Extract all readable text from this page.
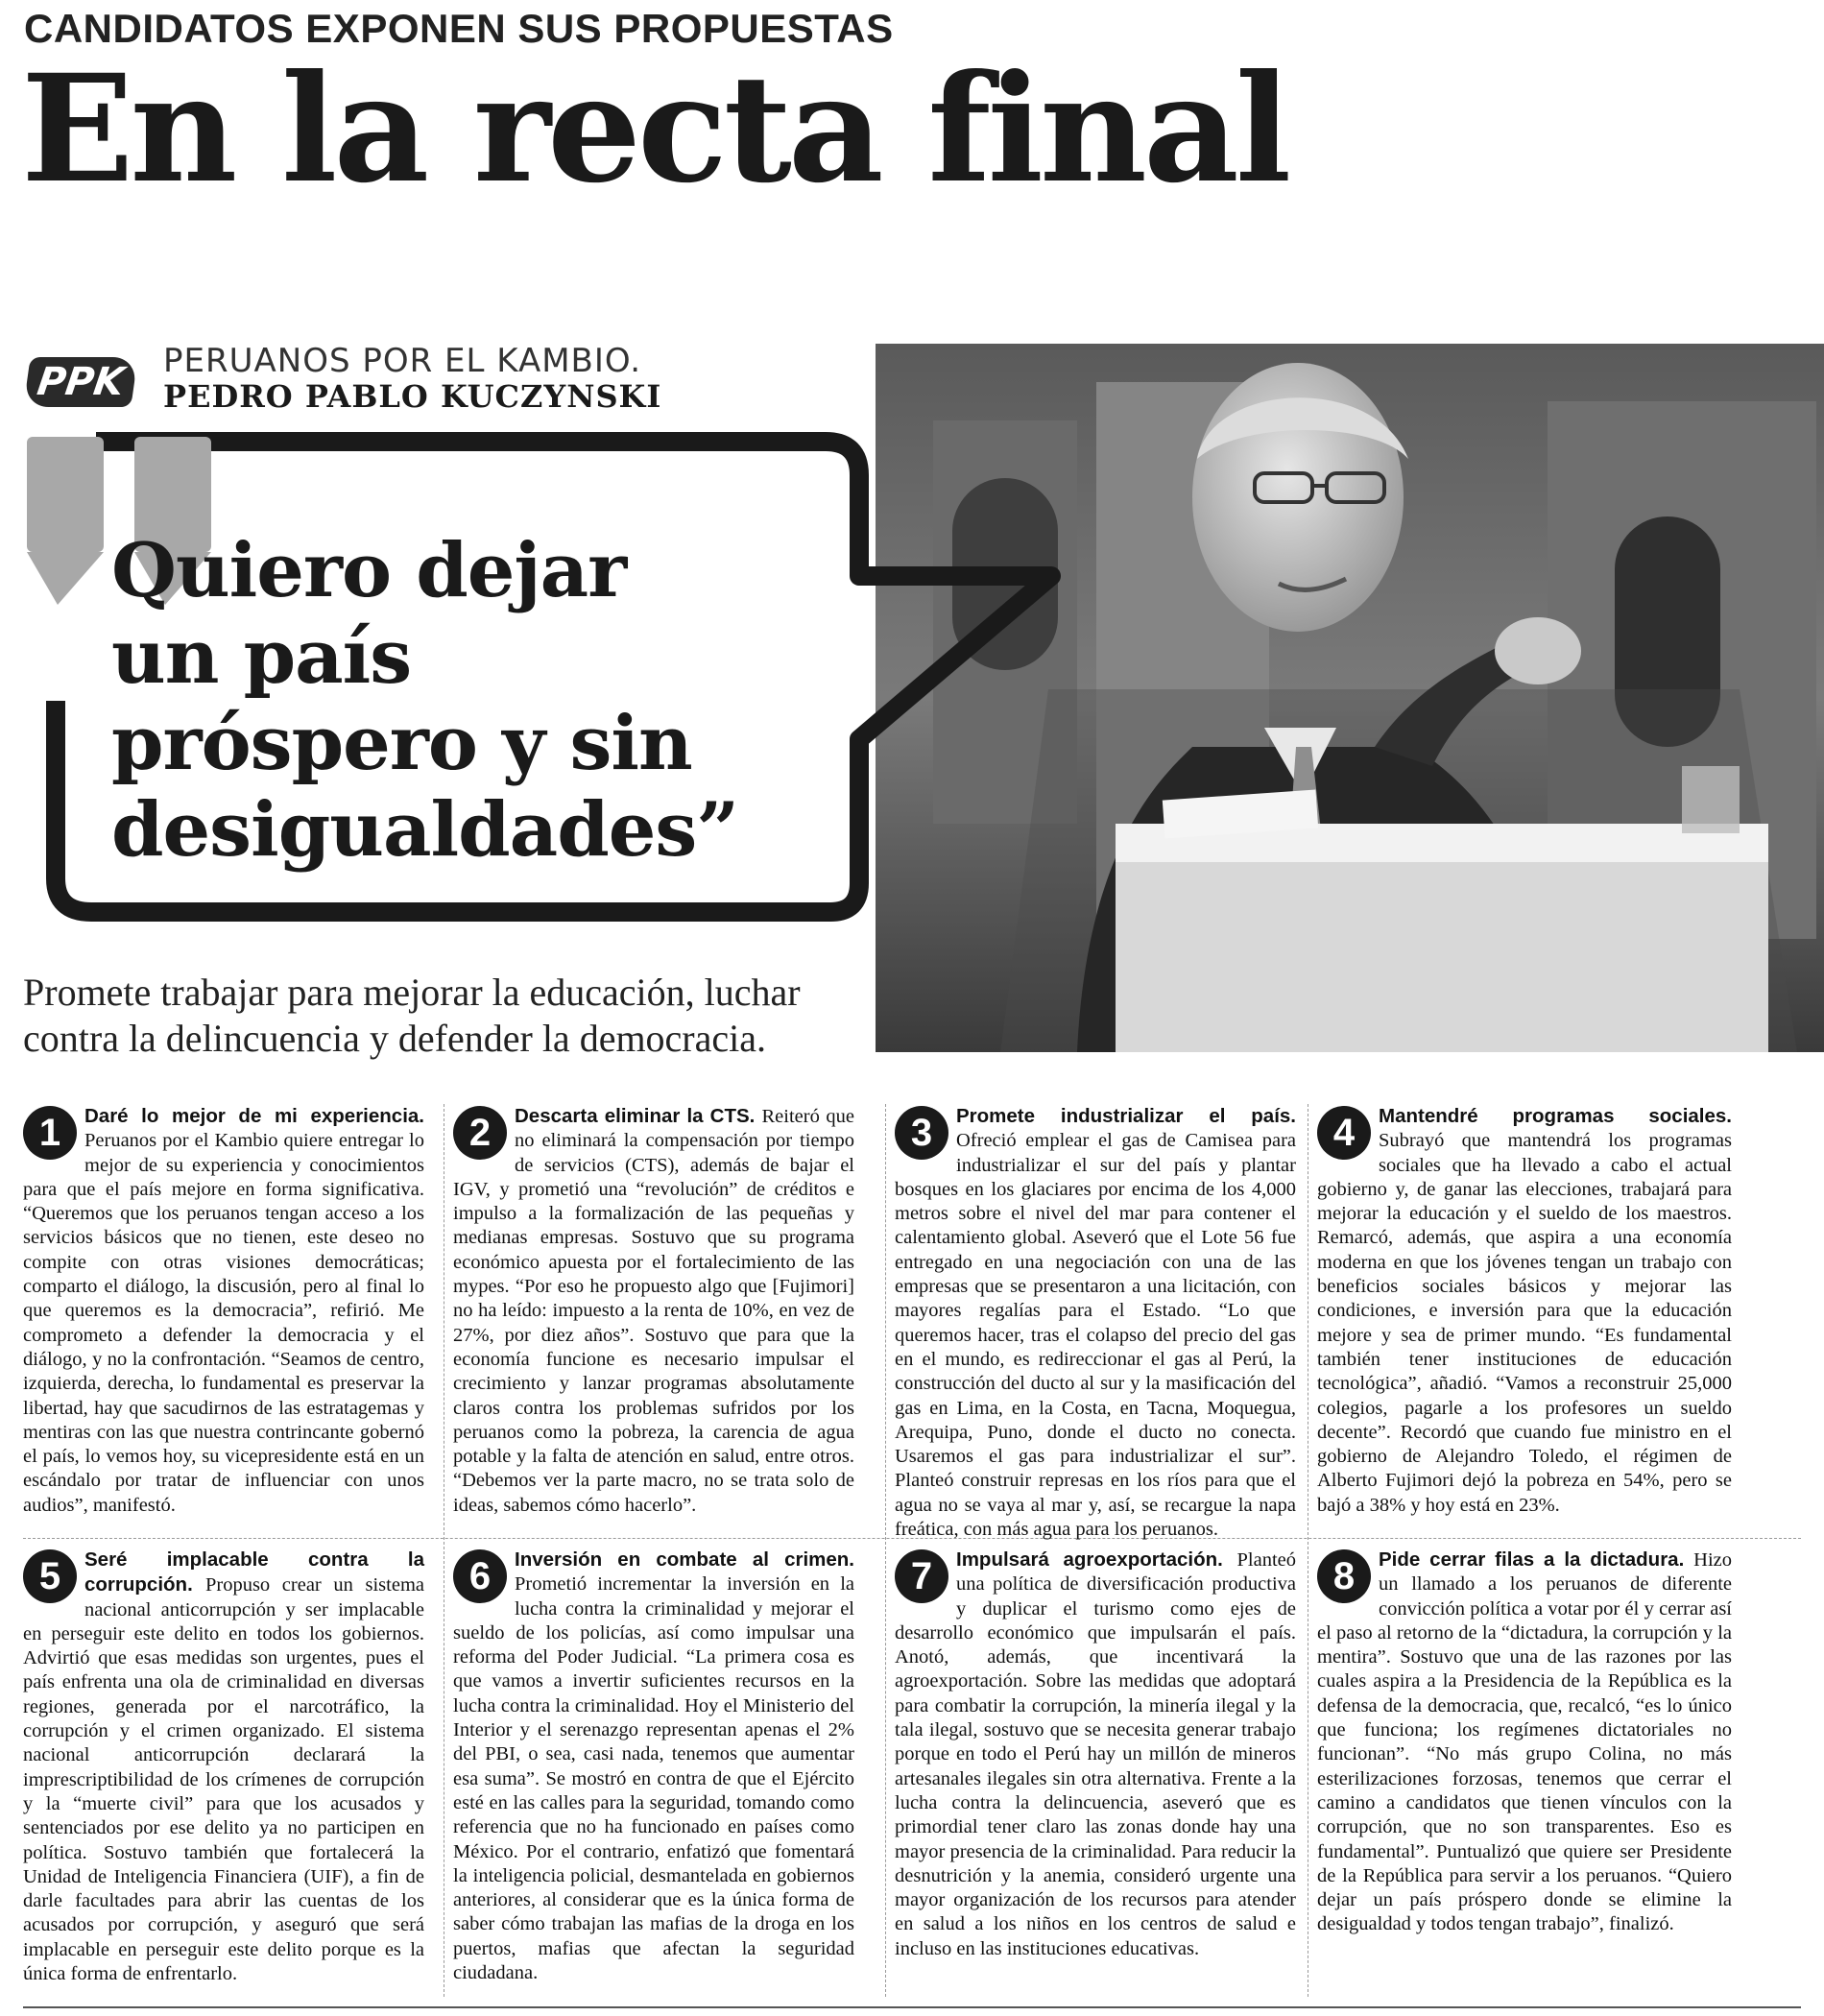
CANDIDATOS EXPONEN SUS PROPUESTAS
En la recta final
PPK	PERUANOS POR EL KAMBIO.
PEDRO PABLO KUCZYNSKI
Quiero dejar
un país
próspero y sin
desigualdades”
Promete trabajar para mejorar la educación, luchar contra la delincuencia y defender la democracia.
1	Daré lo mejor de mi experiencia. Peruanos por el Kambio quiere entregar lo mejor de su experiencia y conocimientos para que el país mejore en forma significativa. “Queremos que los peruanos tengan acceso a los servicios básicos que no tienen, este deseo no compite con otras visiones democráticas; comparto el diálogo, la discusión, pero al final lo que queremos es la democracia”, refirió. Me comprometo a defender la democracia y el diálogo, y no la confrontación. “Seamos de centro, izquierda, derecha, lo fundamental es preservar la libertad, hay que sacudirnos de las estratagemas y mentiras con las que nuestra contrincante gobernó el país, lo vemos hoy, su vicepresidente está en un escándalo por tratar de influenciar con unos audios”, manifestó.
2	Descarta eliminar la CTS. Reiteró que no eliminará la compensación por tiempo de servicios (CTS), además de bajar el IGV, y prometió una “revolución” de créditos e impulso a la formalización de las pequeñas y medianas empresas. Sostuvo que su programa económico apuesta por el fortalecimiento de las mypes. “Por eso he propuesto algo que [Fujimori] no ha leído: impuesto a la renta de 10%, en vez de 27%, por diez años”. Sostuvo que para que la economía funcione es necesario impulsar el crecimiento y lanzar programas absolutamente claros contra los problemas sufridos por los peruanos como la pobreza, la carencia de agua potable y la falta de atención en salud, entre otros. “Debemos ver la parte macro, no se trata solo de ideas, sabemos cómo hacerlo”.
3	Promete industrializar el país. Ofreció emplear el gas de Camisea para industrializar el sur del país y plantar bosques en los glaciares por encima de los 4,000 metros sobre el nivel del mar para contener el calentamiento global. Aseveró que el Lote 56 fue entregado en una negociación con una de las empresas que se presentaron a una licitación, con mayores regalías para el Estado. “Lo que queremos hacer, tras el colapso del precio del gas en el mundo, es redireccionar el gas al Perú, la construcción del ducto al sur y la masificación del gas en Lima, en la Costa, en Tacna, Moquegua, Arequipa, Puno, donde el ducto no conecta. Usaremos el gas para industrializar el sur”. Planteó construir represas en los ríos para que el agua no se vaya al mar y, así, se recargue la napa freática, con más agua para los peruanos.
4	Mantendré programas sociales. Subrayó que mantendrá los programas sociales que ha llevado a cabo el actual gobierno y, de ganar las elecciones, trabajará para mejorar la educación y el sueldo de los maestros. Remarcó, además, que aspira a una economía moderna en que los jóvenes tengan un trabajo con beneficios sociales básicos y mejorar las condiciones, e inversión para que la educación mejore y sea de primer mundo. “Es fundamental también tener instituciones de educación tecnológica”, añadió. “Vamos a reconstruir 25,000 colegios, pagarle a los profesores un sueldo decente”. Recordó que cuando fue ministro en el gobierno de Alejandro Toledo, el régimen de Alberto Fujimori dejó la pobreza en 54%, pero se bajó a 38% y hoy está en 23%.
5	Seré implacable contra la corrupción. Propuso crear un sistema nacional anticorrupción y ser implacable en perseguir este delito en todos los gobiernos. Advirtió que esas medidas son urgentes, pues el país enfrenta una ola de criminalidad en diversas regiones, generada por el narcotráfico, la corrupción y el crimen organizado. El sistema nacional anticorrupción declarará la imprescriptibilidad de los crímenes de corrupción y la “muerte civil” para que los acusados y sentenciados por ese delito ya no participen en política. Sostuvo también que fortalecerá la Unidad de Inteligencia Financiera (UIF), a fin de darle facultades para abrir las cuentas de los acusados por corrupción, y aseguró que será implacable en perseguir este delito porque es la única forma de enfrentarlo.
6	Inversión en combate al crimen. Prometió incrementar la inversión en la lucha contra la criminalidad y mejorar el sueldo de los policías, así como impulsar una reforma del Poder Judicial. “La primera cosa es que vamos a invertir suficientes recursos en la lucha contra la criminalidad. Hoy el Ministerio del Interior y el serenazgo representan apenas el 2% del PBI, o sea, casi nada, tenemos que aumentar esa suma”. Se mostró en contra de que el Ejército esté en las calles para la seguridad, tomando como referencia que no ha funcionado en países como México. Por el contrario, enfatizó que fomentará la inteligencia policial, desmantelada en gobiernos anteriores, al considerar que es la única forma de saber cómo trabajan las mafias de la droga en los puertos, mafias que afectan la seguridad ciudadana.
7	Impulsará agroexportación. Planteó una política de diversificación productiva y duplicar el turismo como ejes de desarrollo económico que impulsarán el país. Anotó, además, que incentivará la agroexportación. Sobre las medidas que adoptará para combatir la corrupción, la minería ilegal y la tala ilegal, sostuvo que se necesita generar trabajo porque en todo el Perú hay un millón de mineros artesanales ilegales sin otra alternativa. Frente a la lucha contra la delincuencia, aseveró que es primordial tener claro las zonas donde hay una mayor presencia de la criminalidad. Para reducir la desnutrición y la anemia, consideró urgente una mayor organización de los recursos para atender en salud a los niños en los centros de salud e incluso en las instituciones educativas.
8	Pide cerrar filas a la dictadura. Hizo un llamado a los peruanos de diferente convicción política a votar por él y cerrar así el paso al retorno de la “dictadura, la corrupción y la mentira”. Sostuvo que una de las razones por las cuales aspira a la Presidencia de la República es la defensa de la democracia, que, recalcó, “es lo único que funciona; los regímenes dictatoriales no funcionan”. “No más grupo Colina, no más esterilizaciones forzosas, tenemos que cerrar el camino a candidatos que tienen vínculos con la corrupción, que no son transparentes. Eso es fundamental”. Puntualizó que quiere ser Presidente de la República para servir a los peruanos. “Quiero dejar un país próspero donde se elimine la desigualdad y todos tengan trabajo”, finalizó.
